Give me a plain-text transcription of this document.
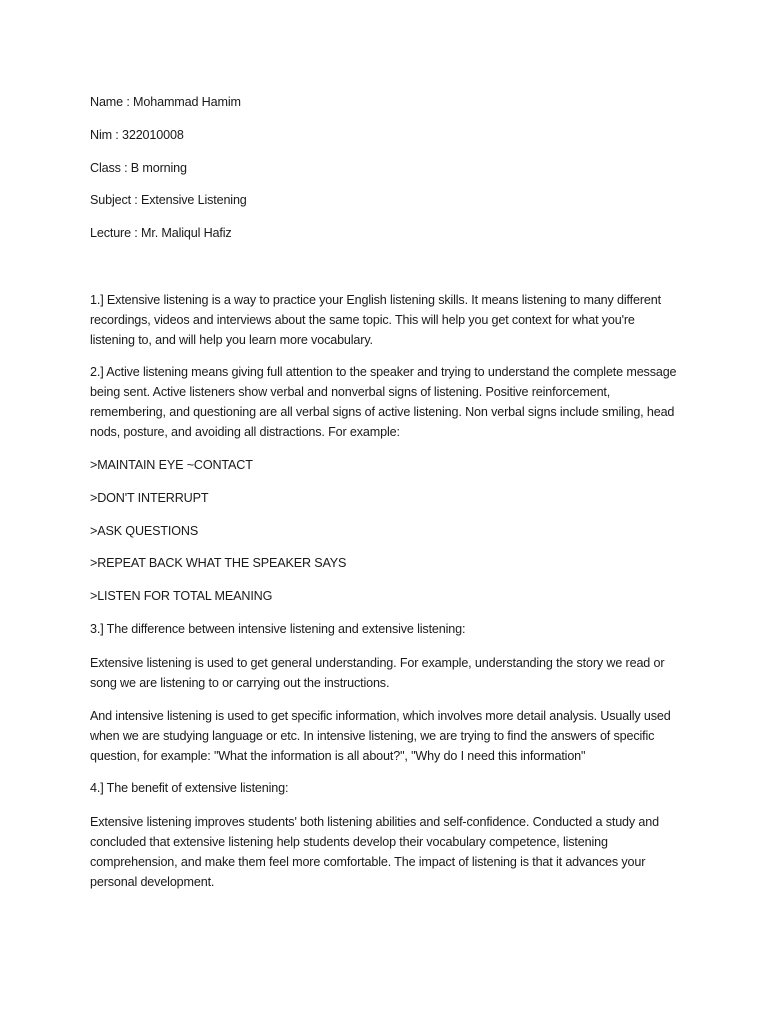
Name : Mohammad Hamim

Nim : 322010008

Class : B morning

Subject : Extensive Listening

Lecture : Mr. Maliqul Hafiz

1.] Extensive listening is a way to practice your English listening skills. It means listening to many different recordings, videos and interviews about the same topic. This will help you get context for what you're listening to, and will help you learn more vocabulary.

2.] Active listening means giving full attention to the speaker and trying to understand the complete message being sent. Active listeners show verbal and nonverbal signs of listening. Positive reinforcement, remembering, and questioning are all verbal signs of active listening. Non verbal signs include smiling, head nods, posture, and avoiding all distractions. For example:

>MAINTAIN EYE ~CONTACT

>DON'T INTERRUPT

>ASK QUESTIONS

>REPEAT BACK WHAT THE SPEAKER SAYS

>LISTEN FOR TOTAL MEANING

3.] The difference between intensive listening and extensive listening:

Extensive listening is used to get general understanding. For example, understanding the story we read or song we are listening to or carrying out the instructions.

And intensive listening is used to get specific information, which involves more detail analysis. Usually used when we are studying language or etc. In intensive listening, we are trying to find the answers of specific question, for example: "What the information is all about?", "Why do I need this information"

4.] The benefit of extensive listening:

Extensive listening improves students' both listening abilities and self-confidence. Conducted a study and concluded that extensive listening help students develop their vocabulary competence, listening comprehension, and make them feel more comfortable. The impact of listening is that it advances your personal development.
